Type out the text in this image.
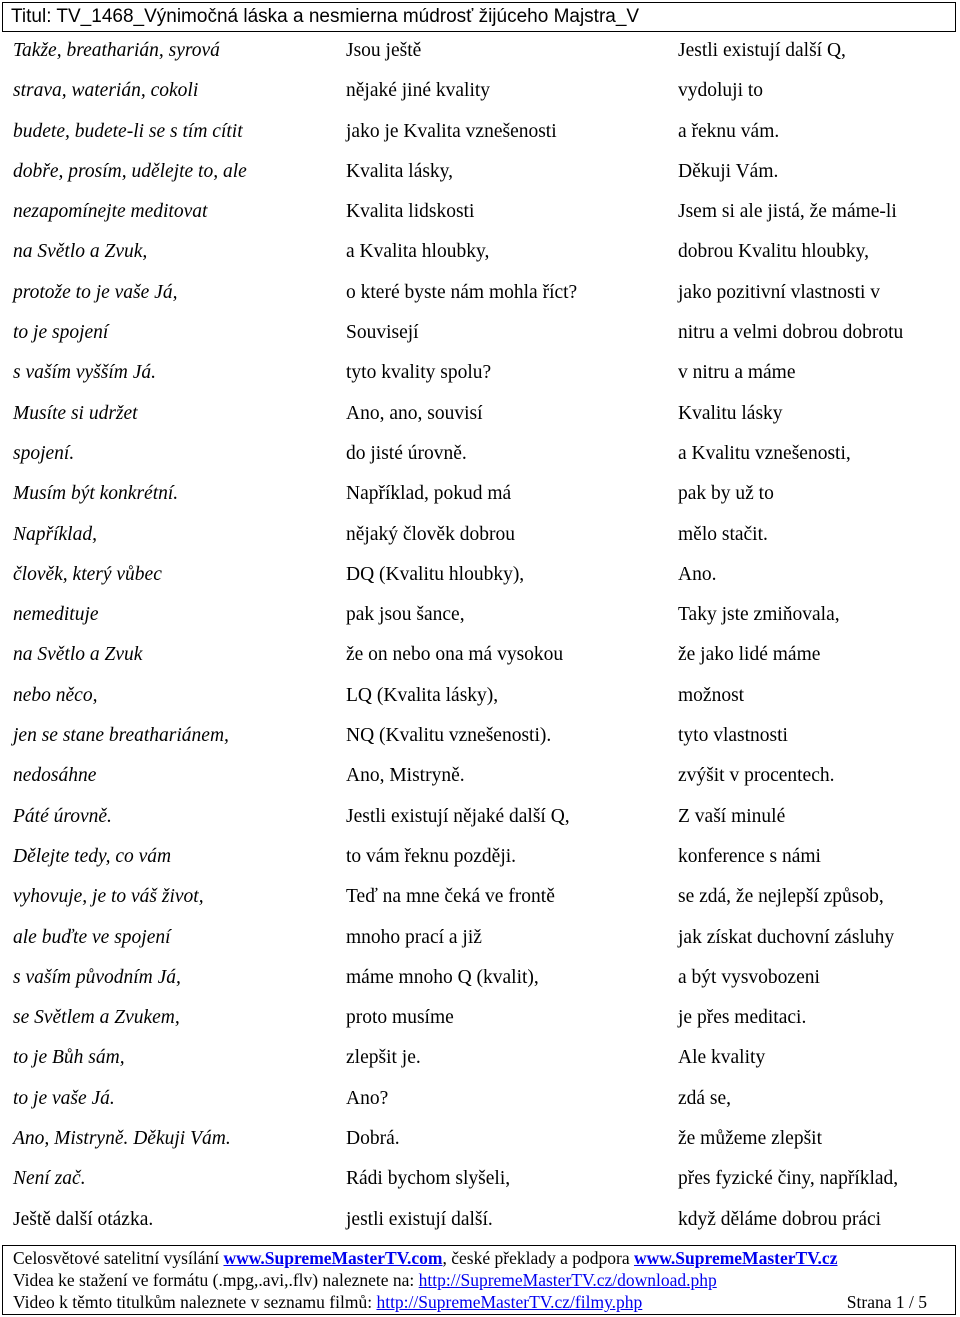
Titul: TV_1468_Výnimočná láska a nesmierna múdrosť žijúceho Majstra_V
Takže, breatharián, syrová
strava, waterián, cokoli
budete, budete-li se s tím cítit
dobře, prosím, udělejte to, ale
nezapomínejte meditovat
na Světlo a Zvuk,
protože to je vaše Já,
to je spojení
s vaším vyšším Já.
Musíte si udržet
spojení.
Musím být konkrétní.
Například,
člověk, který vůbec
nemedituje
na Světlo a Zvuk
nebo něco,
jen se stane breathariánem,
nedosáhne
Páté úrovně.
Dělejte tedy, co vám
vyhovuje, je to váš život,
ale buďte ve spojení
s vaším původním Já,
se Světlem a Zvukem,
to je Bůh sám,
to je vaše Já.
Ano, Mistryně. Děkuji Vám.
Není zač.
Ještě další otázka.
Jsou ještě
nějaké jiné kvality
jako je Kvalita vznešenosti
Kvalita lásky,
Kvalita lidskosti
a Kvalita hloubky,
o které byste nám mohla říct?
Souvisejí
tyto kvality spolu?
Ano, ano, souvisí
do jisté úrovně.
Například, pokud má
nějaký člověk dobrou
DQ (Kvalitu hloubky),
pak jsou šance,
že on nebo ona má vysokou
LQ (Kvalita lásky),
NQ (Kvalitu vznešenosti).
Ano, Mistryně.
Jestli existují nějaké další Q,
to vám řeknu později.
Teď na mne čeká ve frontě
mnoho prací a již
máme mnoho Q (kvalit),
proto musíme
zlepšit je.
Ano?
Dobrá.
Rádi bychom slyšeli,
jestli existují další.
Jestli existují další Q,
vydoluji to
a řeknu vám.
Děkuji Vám.
Jsem si ale jistá, že máme-li
dobrou Kvalitu hloubky,
jako pozitivní vlastnosti v
nitru a velmi dobrou dobrotu
v nitru a máme
Kvalitu lásky
a Kvalitu vznešenosti,
pak by už to
mělo stačit.
Ano.
Taky jste zmiňovala,
že jako lidé máme
možnost
tyto vlastnosti
zvýšit v procentech.
Z vaší minulé
konference s námi
se zdá, že nejlepší způsob,
jak získat duchovní zásluhy
a být vysvobozeni
je přes meditaci.
Ale kvality
zdá se,
že můžeme zlepšit
přes fyzické činy, například,
když děláme dobrou práci
Celosvětové satelitní vysílání www.SupremeMasterTV.com, české překlady a podpora www.SupremeMasterTV.cz
Videa ke stažení ve formátu (.mpg,.avi,.flv) naleznete na: http://SupremeMasterTV.cz/download.php
Video k těmto titulkům naleznete v seznamu filmů: http://SupremeMasterTV.cz/filmy.php	Strana 1 / 5
